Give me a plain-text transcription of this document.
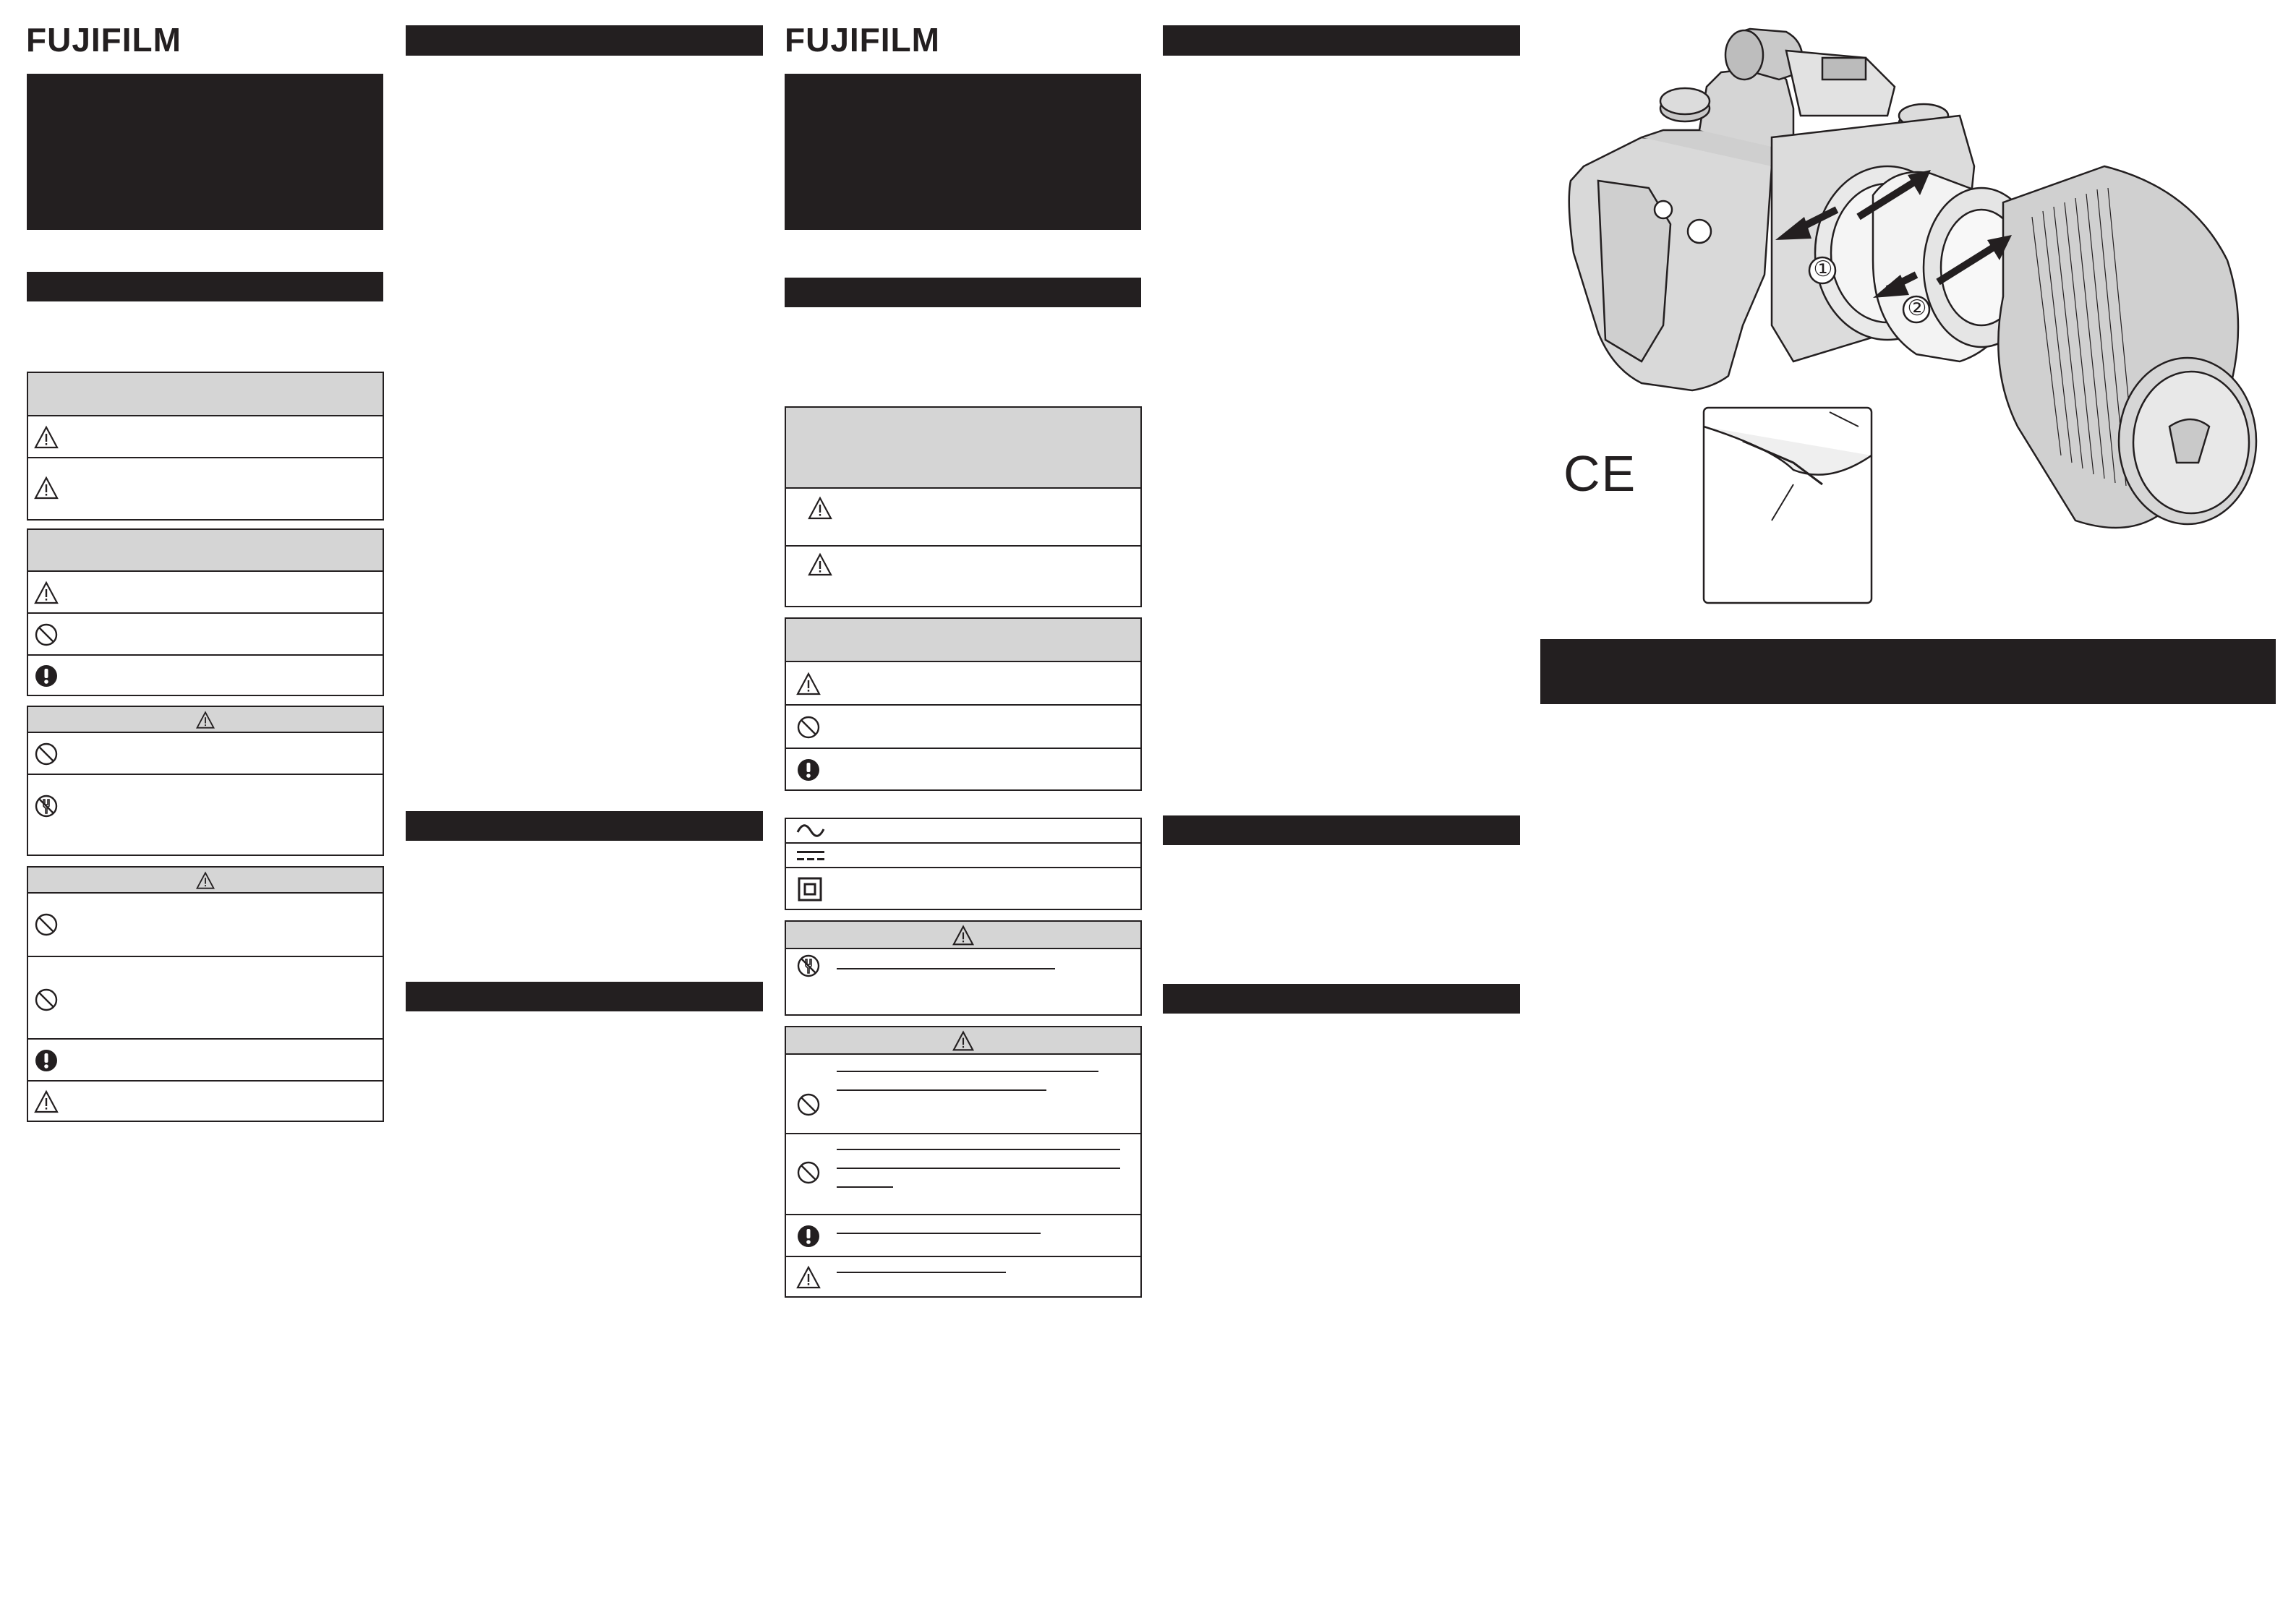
FUJIFILM	FUJIFILM
①
②
CE
